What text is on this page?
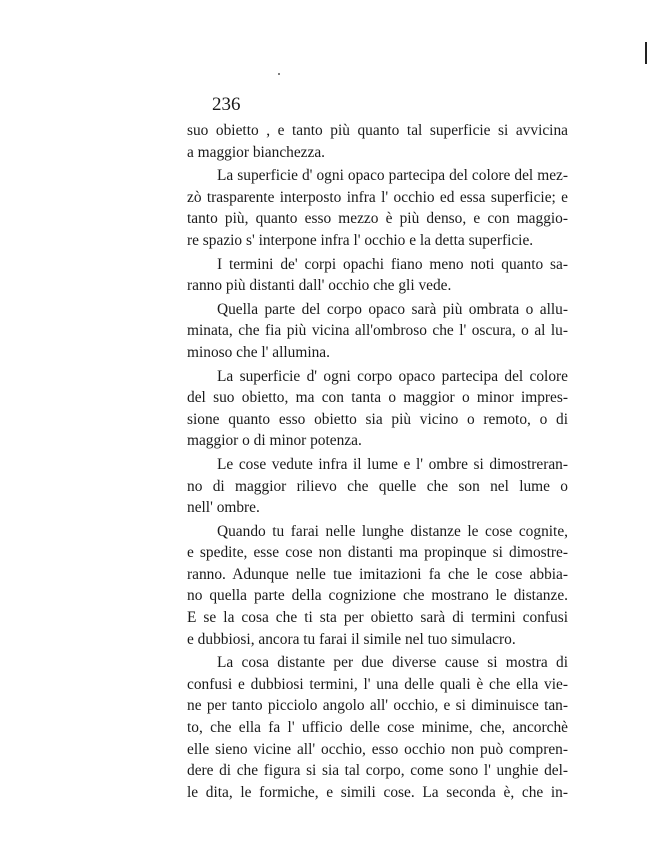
236

suo obietto , e tanto più quanto tal superficie si avvicina
a maggior bianchezza.
La superficie d' ogni opaco partecipa del colore del mez-
zò trasparente interposto infra l' occhio ed essa superficie; e
tanto più, quanto esso mezzo è più denso, e con maggio-
re spazio s' interpone infra l' occhio e la detta superficie.
I termini de' corpi opachi fiano meno noti quanto sa-
ranno più distanti dall' occhio che gli vede.
Quella parte del corpo opaco sarà più ombrata o allu-
minata, che fia più vicina all'ombroso che l' oscura, o al lu-
minoso che l' allumina.
La superficie d' ogni corpo opaco partecipa del colore
del suo obietto, ma con tanta o maggior o minor impres-
sione quanto esso obietto sia più vicino o remoto, o di
maggior o di minor potenza.
Le cose vedute infra il lume e l' ombre si dimostreran-
no di maggior rilievo che quelle che son nel lume o
nell' ombre.
Quando tu farai nelle lunghe distanze le cose cognite,
e spedite, esse cose non distanti ma propinque si dimostre-
ranno. Adunque nelle tue imitazioni fa che le cose abbia-
no quella parte della cognizione che mostrano le distanze.
E se la cosa che ti sta per obietto sarà di termini confusi
e dubbiosi, ancora tu farai il simile nel tuo simulacro.
La cosa distante per due diverse cause si mostra di
confusi e dubbiosi termini, l' una delle quali è che ella vie-
ne per tanto picciolo angolo all' occhio, e si diminuisce tan-
to, che ella fa l' ufficio delle cose minime, che, ancorchè
elle sieno vicine all' occhio, esso occhio non può compren-
dere di che figura si sia tal corpo, come sono l' unghie del-
le dita, le formiche, e simili cose. La seconda è, che in-
